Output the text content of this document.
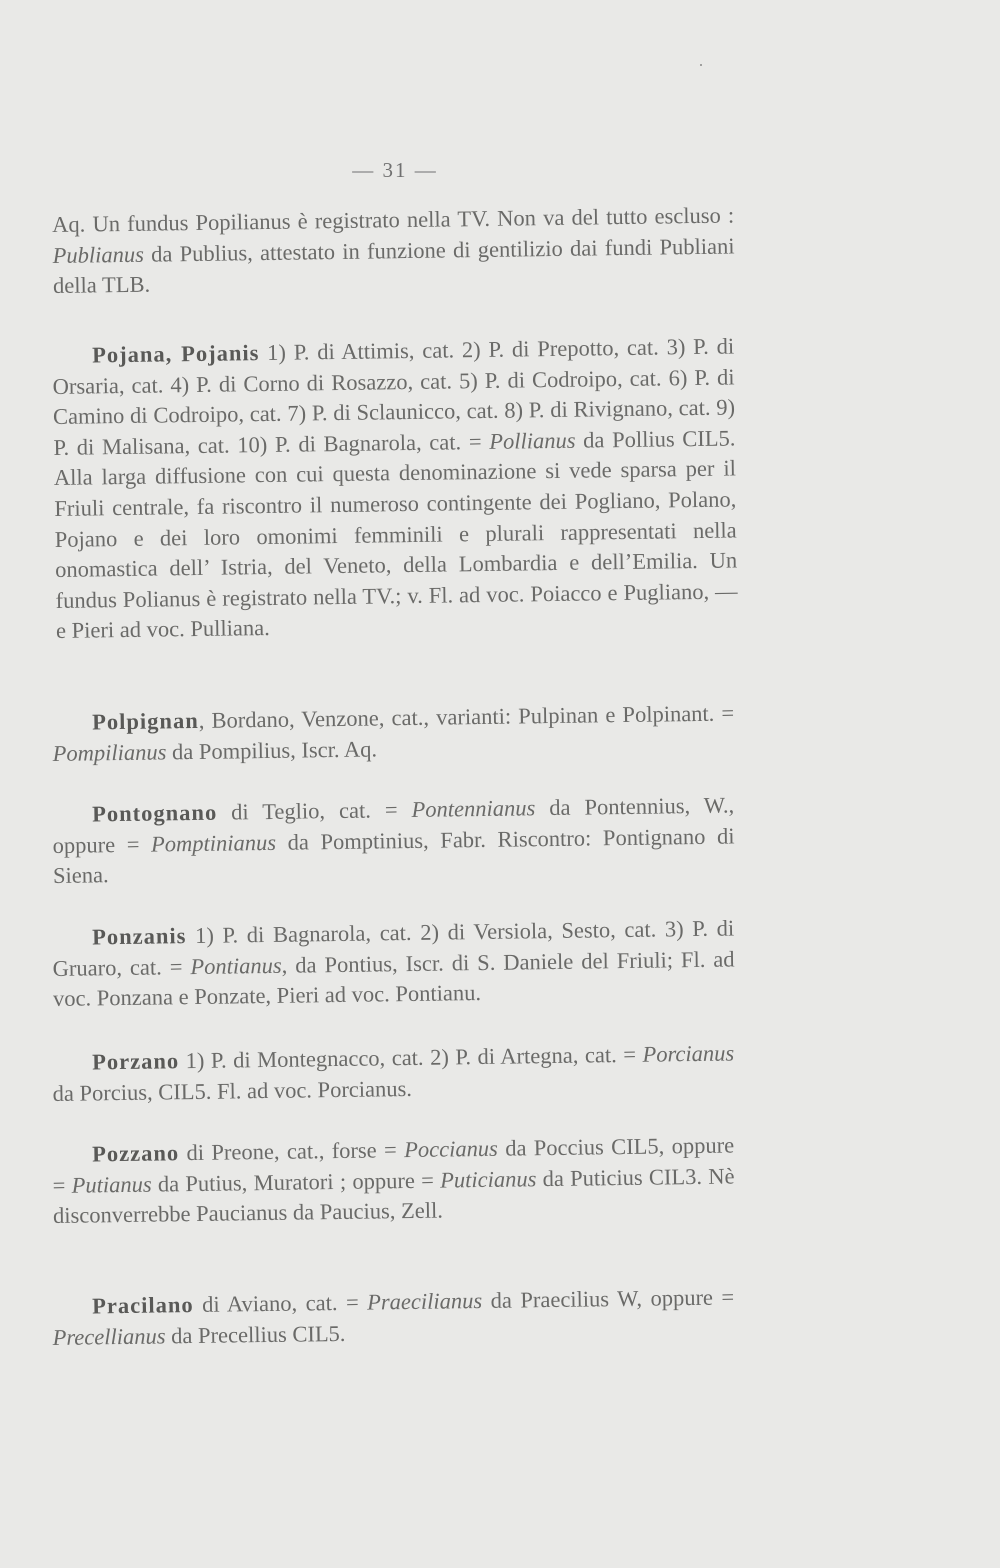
— 31 —
Aq. Un fundus Popilianus è registrato nella TV. Non va del tutto escluso : Publianus da Publius, attestato in funzione di gentilizio dai fundi Publiani della TLB.
Pojana, Pojanis 1) P. di Attimis, cat. 2) P. di Prepotto, cat. 3) P. di Orsaria, cat. 4) P. di Corno di Rosazzo, cat. 5) P. di Codroipo, cat. 6) P. di Camino di Codroipo, cat. 7) P. di Sclaunicco, cat. 8) P. di Rivignano, cat. 9) P. di Malisana, cat. 10) P. di Bagnarola, cat. = Pollianus da Pollius CIL5. Alla larga diffusione con cui questa denominazione si vede sparsa per il Friuli centrale, fa riscontro il numeroso contingente dei Pogliano, Polano, Pojano e dei loro omonimi femminili e plurali rappresentati nella onomastica dell’ Istria, del Veneto, della Lombardia e dell’Emilia. Un fundus Polianus è registrato nella TV.; v. Fl. ad voc. Poiacco e Pugliano, — e Pieri ad voc. Pulliana.
Polpignan, Bordano, Venzone, cat., varianti: Pulpinan e Polpinant. = Pompilianus da Pompilius, Iscr. Aq.
Pontognano di Teglio, cat. = Pontennianus da Pontennius, W., oppure = Pomptinianus da Pomptinius, Fabr. Riscontro: Pontignano di Siena.
Ponzanis 1) P. di Bagnarola, cat. 2) di Versiola, Sesto, cat. 3) P. di Gruaro, cat. = Pontianus, da Pontius, Iscr. di S. Daniele del Friuli; Fl. ad voc. Ponzana e Ponzate, Pieri ad voc. Pontianu.
Porzano 1) P. di Montegnacco, cat. 2) P. di Artegna, cat. = Porcianus da Porcius, CIL5. Fl. ad voc. Porcianus.
Pozzano di Preone, cat., forse = Poccianus da Poccius CIL5, oppure = Putianus da Putius, Muratori ; oppure = Puticianus da Puticius CIL3. Nè disconverrebbe Paucianus da Paucius, Zell.
Pracilano di Aviano, cat. = Praecilianus da Praecilius W, oppure = Precellianus da Precellius CIL5.
